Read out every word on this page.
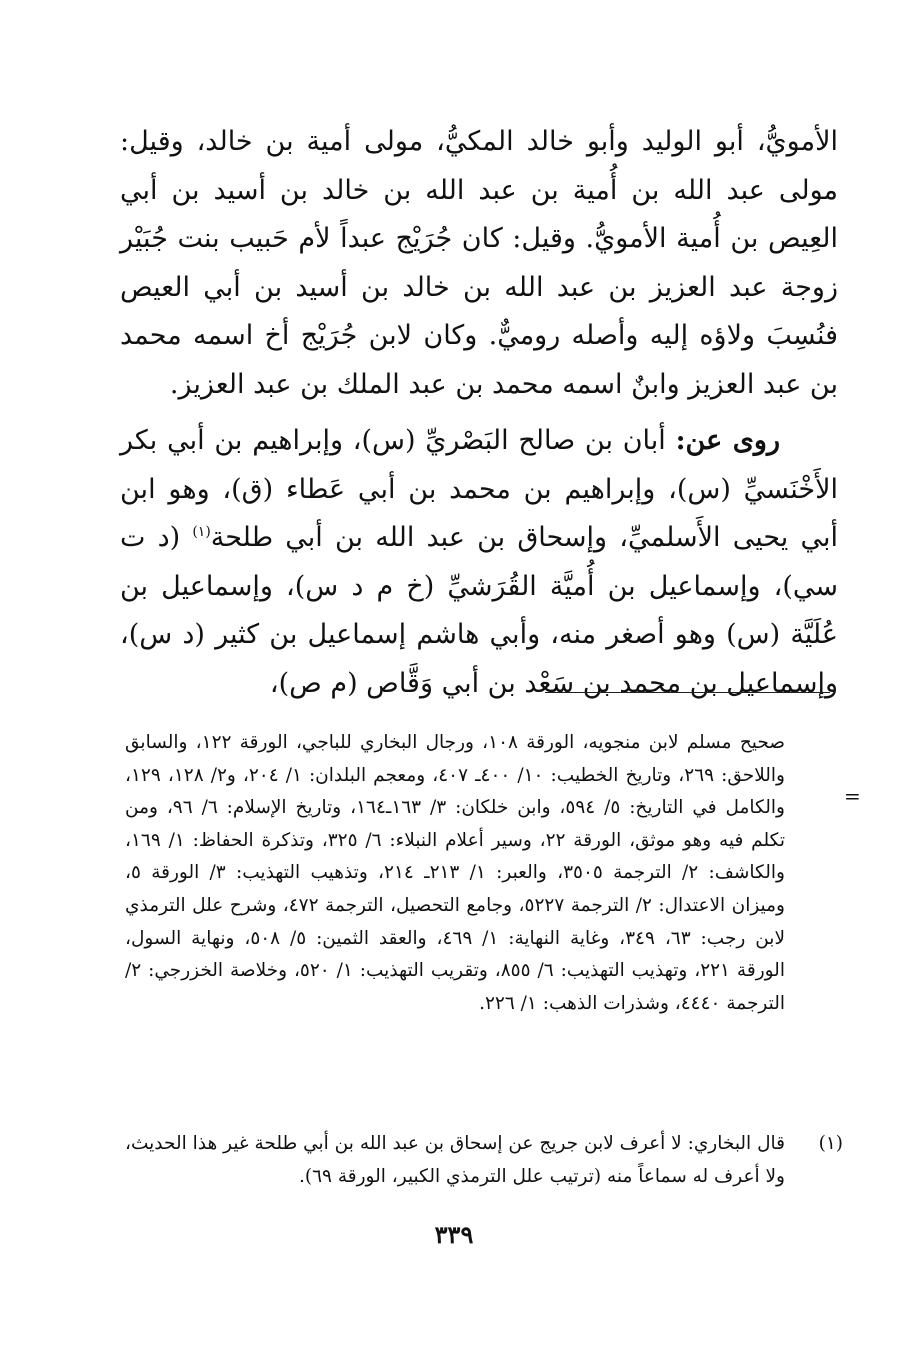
الأمويُّ، أبو الوليد وأبو خالد المكيُّ، مولى أمية بن خالد، وقيل: مولى عبد الله بن أُمية بن عبد الله بن خالد بن أسيد بن أبي العِيص بن أُمية الأمويُّ. وقيل: كان جُرَيْج عبداً لأم حَبيب بنت جُبَيْر زوجة عبد العزيز بن عبد الله بن خالد بن أسيد بن أبي العيص فنُسِبَ ولاؤه إليه وأصله روميٌّ. وكان لابن جُرَيْج أخ اسمه محمد بن عبد العزيز وابنٌ اسمه محمد بن عبد الملك بن عبد العزيز.

روى عن: أبان بن صالح البَصْريِّ (س)، وإبراهيم بن أبي بكر الأَخْنَسيِّ (س)، وإبراهيم بن محمد بن أبي عَطاء (ق)، وهو ابن أبي يحيى الأَسلميِّ، وإسحاق بن عبد الله بن أبي طلحة$^{(١)}$ (د ت سي)، وإسماعيل بن أُميَّة القُرَشيِّ (خ م د س)، وإسماعيل بن عُلَيَّة (س) وهو أصغر منه، وأبي هاشم إسماعيل بن كثير (د س)، وإسماعيل بن محمد بن سَعْد بن أبي وَقَّاص (م ص)،

=
صحيح مسلم لابن منجويه، الورقة ١٠٨، ورجال البخاري للباجي، الورقة ١٢٢، والسابق واللاحق: ٢٦٩، وتاريخ الخطيب: ١٠/ ٤٠٠ـ ٤٠٧، ومعجم البلدان: ١/ ٢٠٤، و٢/ ١٢٨، ١٢٩، والكامل في التاريخ: ٥/ ٥٩٤، وابن خلكان: ٣/ ١٦٣ـ١٦٤، وتاريخ الإسلام: ٦/ ٩٦، ومن تكلم فيه وهو موثق، الورقة ٢٢، وسير أعلام النبلاء: ٦/ ٣٢٥، وتذكرة الحفاظ: ١/ ١٦٩، والكاشف: ٢/ الترجمة ٣٥٠٥، والعبر: ١/ ٢١٣ـ ٢١٤، وتذهيب التهذيب: ٣/ الورقة ٥، وميزان الاعتدال: ٢/ الترجمة ٥٢٢٧، وجامع التحصيل، الترجمة ٤٧٢، وشرح علل الترمذي لابن رجب: ٦٣، ٣٤٩، وغاية النهاية: ١/ ٤٦٩، والعقد الثمين: ٥/ ٥٠٨، ونهاية السول، الورقة ٢٢١، وتهذيب التهذيب: ٦/ ٨٥٥، وتقريب التهذيب: ١/ ٥٢٠، وخلاصة الخزرجي: ٢/ الترجمة ٤٤٤٠، وشذرات الذهب: ١/ ٢٢٦.
(١)
قال البخاري: لا أعرف لابن جريج عن إسحاق بن عبد الله بن أبي طلحة غير هذا الحديث، ولا أعرف له سماعاً منه (ترتيب علل الترمذي الكبير، الورقة ٦٩).
٣٣٩
